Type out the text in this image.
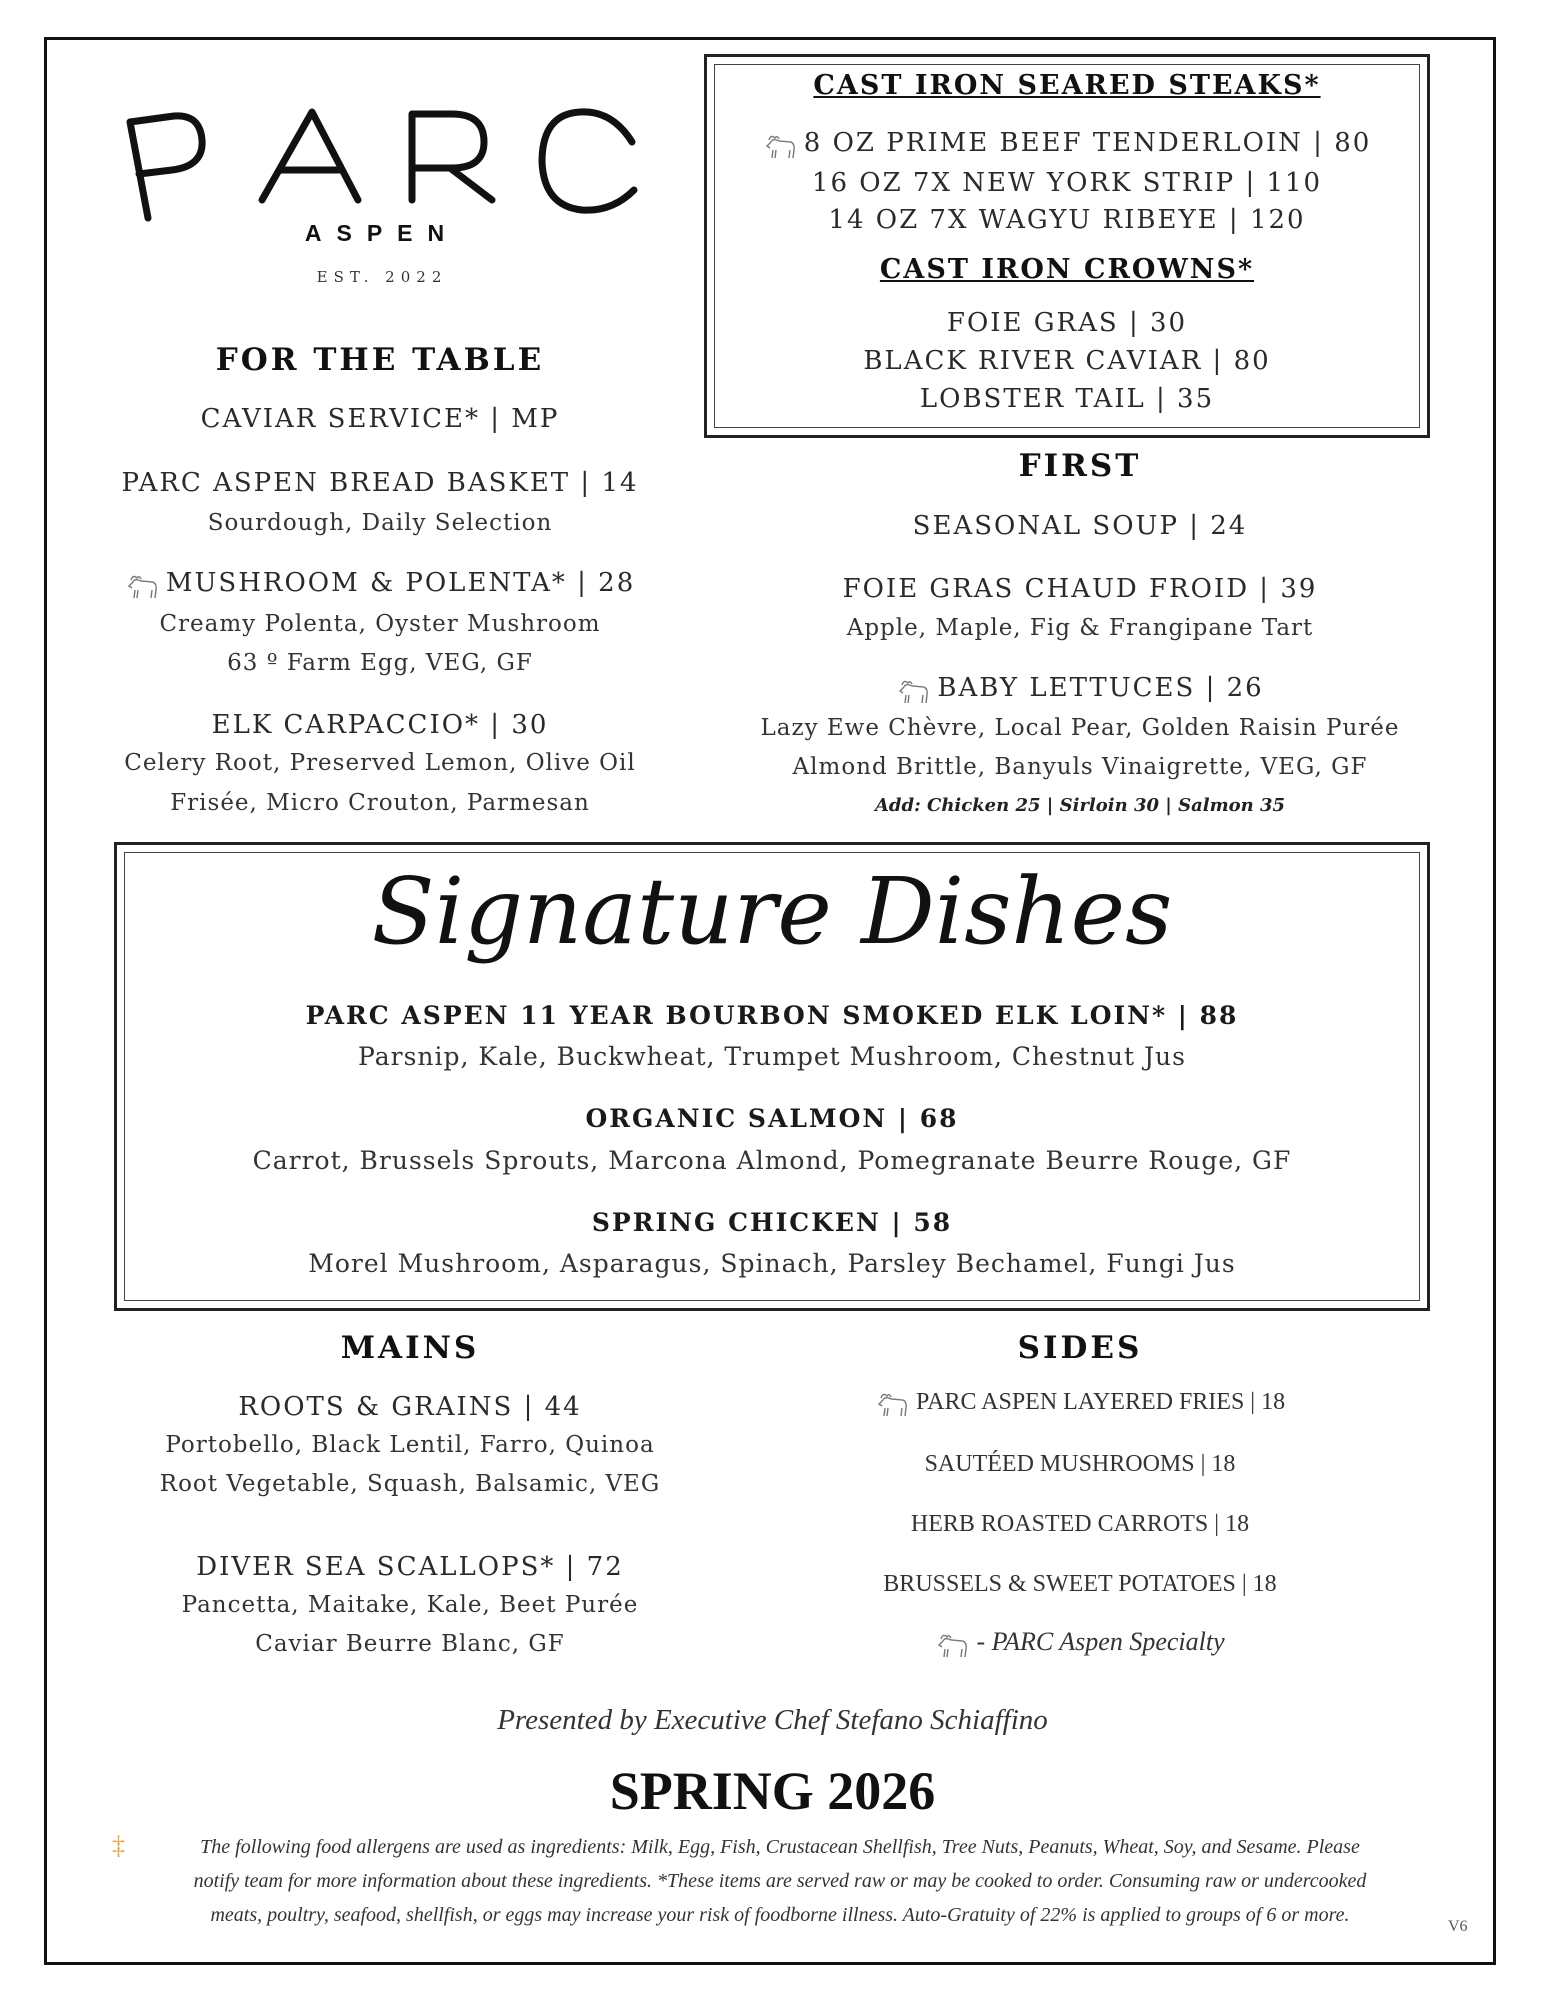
ASPEN
EST. 2022
CAST IRON SEARED STEAKS*
8 OZ PRIME BEEF TENDERLOIN | 80
16 OZ 7X NEW YORK STRIP | 110
14 OZ 7X WAGYU RIBEYE | 120
CAST IRON CROWNS*
FOIE GRAS | 30
BLACK RIVER CAVIAR | 80
LOBSTER TAIL | 35
FOR THE TABLE
CAVIAR SERVICE* | MP
PARC ASPEN BREAD BASKET | 14
Sourdough, Daily Selection
MUSHROOM & POLENTA* | 28
Creamy Polenta, Oyster Mushroom
63 º Farm Egg, VEG, GF
ELK CARPACCIO* | 30
Celery Root, Preserved Lemon, Olive Oil
Frisée, Micro Crouton, Parmesan
FIRST
SEASONAL SOUP | 24
FOIE GRAS CHAUD FROID | 39
Apple, Maple, Fig & Frangipane Tart
BABY LETTUCES | 26
Lazy Ewe Chèvre, Local Pear, Golden Raisin Purée
Almond Brittle, Banyuls Vinaigrette, VEG, GF
Add: Chicken 25 | Sirloin 30 | Salmon 35
Signature Dishes
PARC ASPEN 11 YEAR BOURBON SMOKED ELK LOIN* | 88
Parsnip, Kale, Buckwheat, Trumpet Mushroom, Chestnut Jus
ORGANIC SALMON | 68
Carrot, Brussels Sprouts, Marcona Almond, Pomegranate Beurre Rouge, GF
SPRING CHICKEN | 58
Morel Mushroom, Asparagus, Spinach, Parsley Bechamel, Fungi Jus
MAINS
ROOTS & GRAINS | 44
Portobello, Black Lentil, Farro, Quinoa
Root Vegetable, Squash, Balsamic, VEG
DIVER SEA SCALLOPS* | 72
Pancetta, Maitake, Kale, Beet Purée
Caviar Beurre Blanc, GF
SIDES
PARC ASPEN LAYERED FRIES | 18
SAUTÉED MUSHROOMS | 18
HERB ROASTED CARROTS | 18
BRUSSELS & SWEET POTATOES | 18
- PARC Aspen Specialty
Presented by Executive Chef Stefano Schiaffino
SPRING 2026
‡	The following food allergens are used as ingredients: Milk, Egg, Fish, Crustacean Shellfish, Tree Nuts, Peanuts, Wheat, Soy, and Sesame. Please
notify team for more information about these ingredients. *These items are served raw or may be cooked to order. Consuming raw or undercooked
meats, poultry, seafood, shellfish, or eggs may increase your risk of foodborne illness. Auto-Gratuity of 22% is applied to groups of 6 or more.
V6
